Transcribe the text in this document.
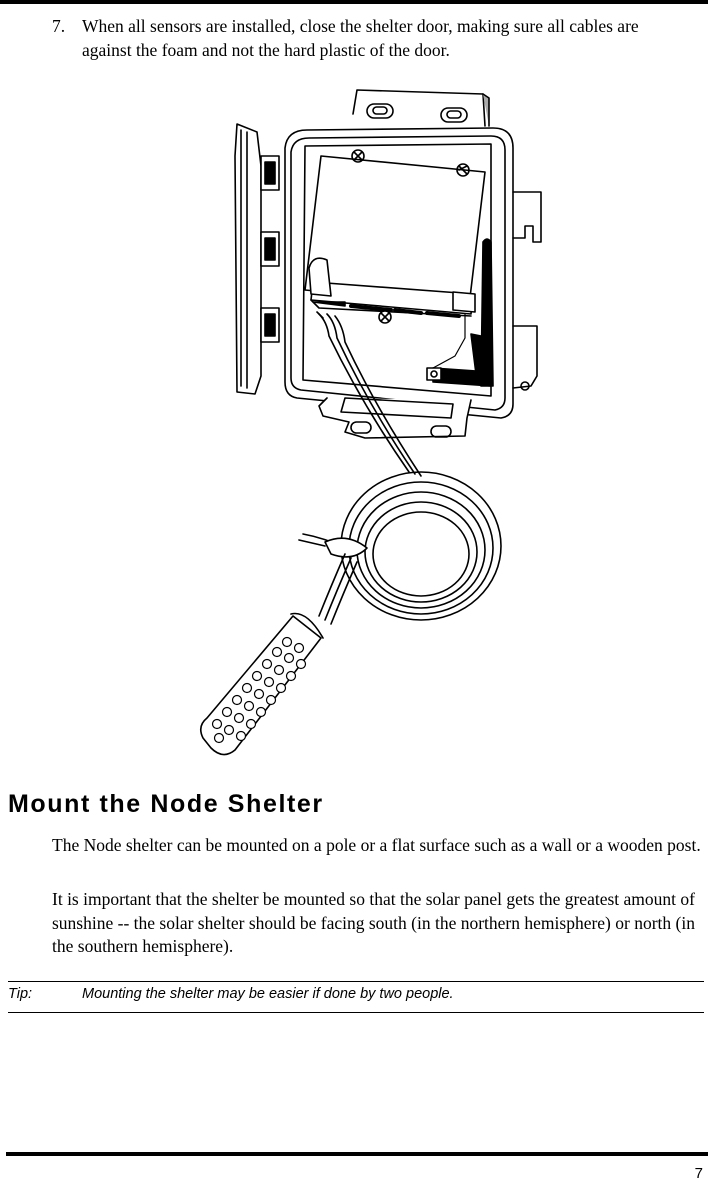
7. When all sensors are installed, close the shelter door, making sure all cables are against the foam and not the hard plastic of the door.
Mount the Node Shelter
The Node shelter can be mounted on a pole or a flat surface such as a wall or a wooden post.
It is important that the shelter be mounted so that the solar panel gets the greatest amount of sunshine -- the solar shelter should be facing south (in the northern hemisphere) or north (in the southern hemisphere).
Tip:	Mounting the shelter may be easier if done by two people.
7
